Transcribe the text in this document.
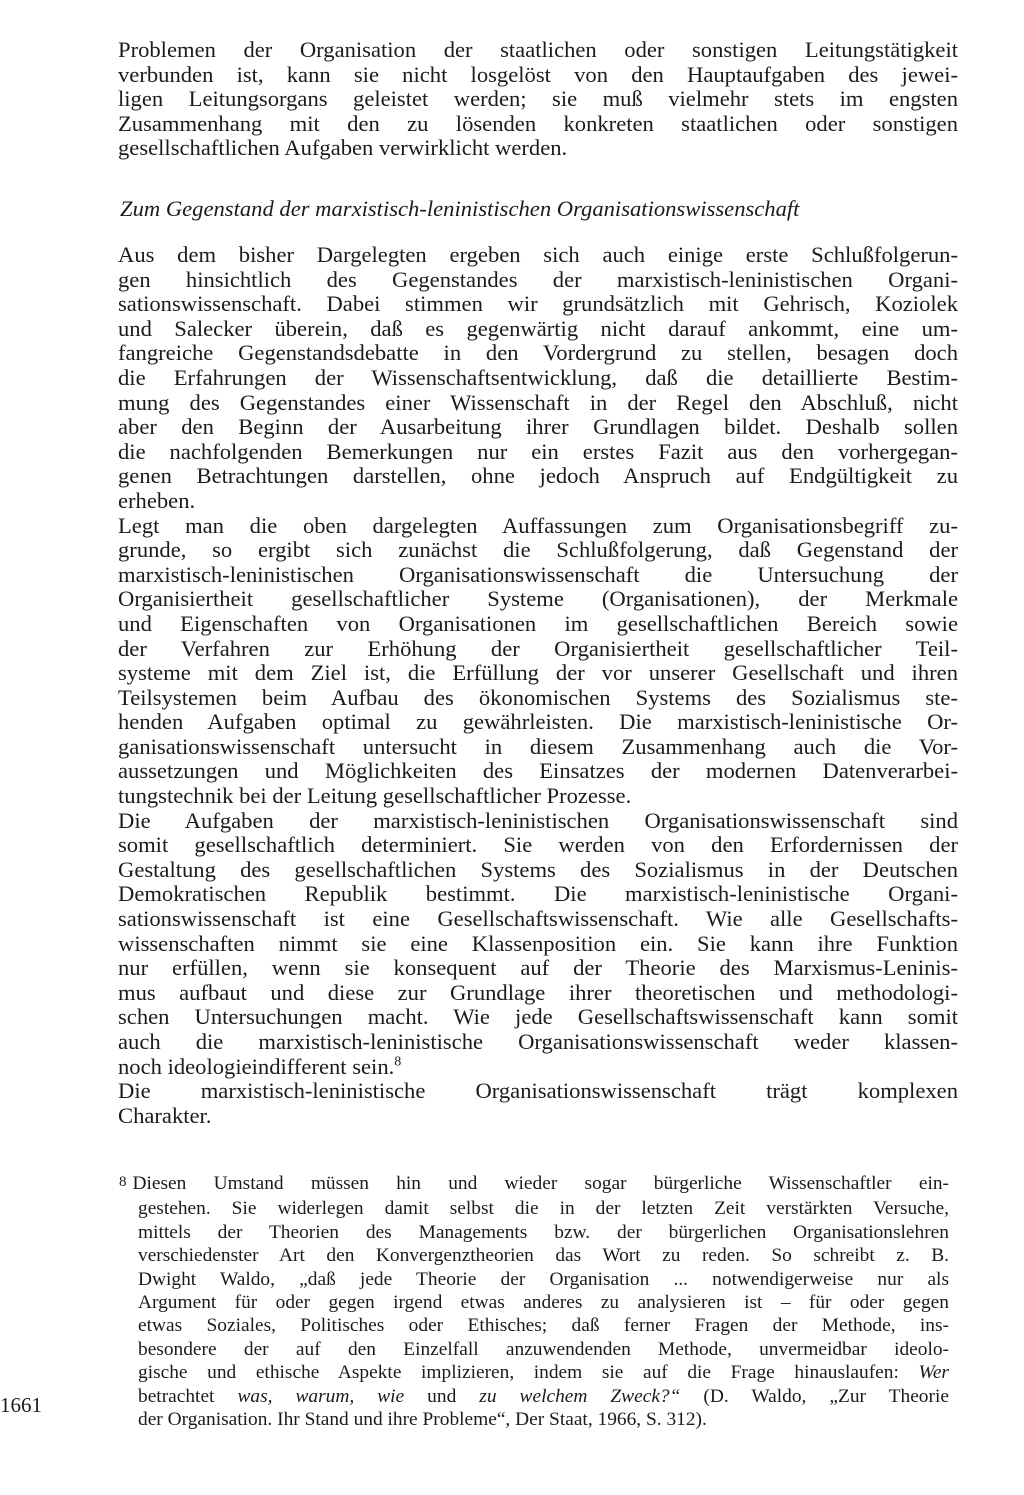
Problemen der Organisation der staatlichen oder sonstigen Leitungstätigkeit
verbunden ist, kann sie nicht losgelöst von den Hauptaufgaben des jewei-
ligen Leitungsorgans geleistet werden; sie muß vielmehr stets im engsten
Zusammenhang mit den zu lösenden konkreten staatlichen oder sonstigen
gesellschaftlichen Aufgaben verwirklicht werden.
Zum Gegenstand der marxistisch-leninistischen Organisationswissenschaft
Aus dem bisher Dargelegten ergeben sich auch einige erste Schlußfolgerun-
gen hinsichtlich des Gegenstandes der marxistisch-leninistischen Organi-
sationswissenschaft. Dabei stimmen wir grundsätzlich mit Gehrisch, Koziolek
und Salecker überein, daß es gegenwärtig nicht darauf ankommt, eine um-
fangreiche Gegenstandsdebatte in den Vordergrund zu stellen, besagen doch
die Erfahrungen der Wissenschaftsentwicklung, daß die detaillierte Bestim-
mung des Gegenstandes einer Wissenschaft in der Regel den Abschluß, nicht
aber den Beginn der Ausarbeitung ihrer Grundlagen bildet. Deshalb sollen
die nachfolgenden Bemerkungen nur ein erstes Fazit aus den vorhergegan-
genen Betrachtungen darstellen, ohne jedoch Anspruch auf Endgültigkeit zu
erheben.
Legt man die oben dargelegten Auffassungen zum Organisationsbegriff zu-
grunde, so ergibt sich zunächst die Schlußfolgerung, daß Gegenstand der
marxistisch-leninistischen Organisationswissenschaft die Untersuchung der
Organisiertheit gesellschaftlicher Systeme (Organisationen), der Merkmale
und Eigenschaften von Organisationen im gesellschaftlichen Bereich sowie
der Verfahren zur Erhöhung der Organisiertheit gesellschaftlicher Teil-
systeme mit dem Ziel ist, die Erfüllung der vor unserer Gesellschaft und ihren
Teilsystemen beim Aufbau des ökonomischen Systems des Sozialismus ste-
henden Aufgaben optimal zu gewährleisten. Die marxistisch-leninistische Or-
ganisationswissenschaft untersucht in diesem Zusammenhang auch die Vor-
aussetzungen und Möglichkeiten des Einsatzes der modernen Datenverarbei-
tungstechnik bei der Leitung gesellschaftlicher Prozesse.
Die Aufgaben der marxistisch-leninistischen Organisationswissenschaft sind
somit gesellschaftlich determiniert. Sie werden von den Erfordernissen der
Gestaltung des gesellschaftlichen Systems des Sozialismus in der Deutschen
Demokratischen Republik bestimmt. Die marxistisch-leninistische Organi-
sationswissenschaft ist eine Gesellschaftswissenschaft. Wie alle Gesellschafts-
wissenschaften nimmt sie eine Klassenposition ein. Sie kann ihre Funktion
nur erfüllen, wenn sie konsequent auf der Theorie des Marxismus-Leninis-
mus aufbaut und diese zur Grundlage ihrer theoretischen und methodologi-
schen Untersuchungen macht. Wie jede Gesellschaftswissenschaft kann somit
auch die marxistisch-leninistische Organisationswissenschaft weder klassen-
noch ideologieindifferent sein.$^8$
Die marxistisch-leninistische Organisationswissenschaft trägt komplexen
Charakter.
8 Diesen Umstand müssen hin und wieder sogar bürgerliche Wissenschaftler ein-
gestehen. Sie widerlegen damit selbst die in der letzten Zeit verstärkten Versuche,
mittels der Theorien des Managements bzw. der bürgerlichen Organisationslehren
verschiedenster Art den Konvergenztheorien das Wort zu reden. So schreibt z. B.
Dwight Waldo, „daß jede Theorie der Organisation ... notwendigerweise nur als
Argument für oder gegen irgend etwas anderes zu analysieren ist – für oder gegen
etwas Soziales, Politisches oder Ethisches; daß ferner Fragen der Methode, ins-
besondere der auf den Einzelfall anzuwendenden Methode, unvermeidbar ideolo-
gische und ethische Aspekte implizieren, indem sie auf die Frage hinauslaufen: Wer
betrachtet was, warum, wie und zu welchem Zweck?“ (D. Waldo, „Zur Theorie
der Organisation. Ihr Stand und ihre Probleme“, Der Staat, 1966, S. 312).
1661
